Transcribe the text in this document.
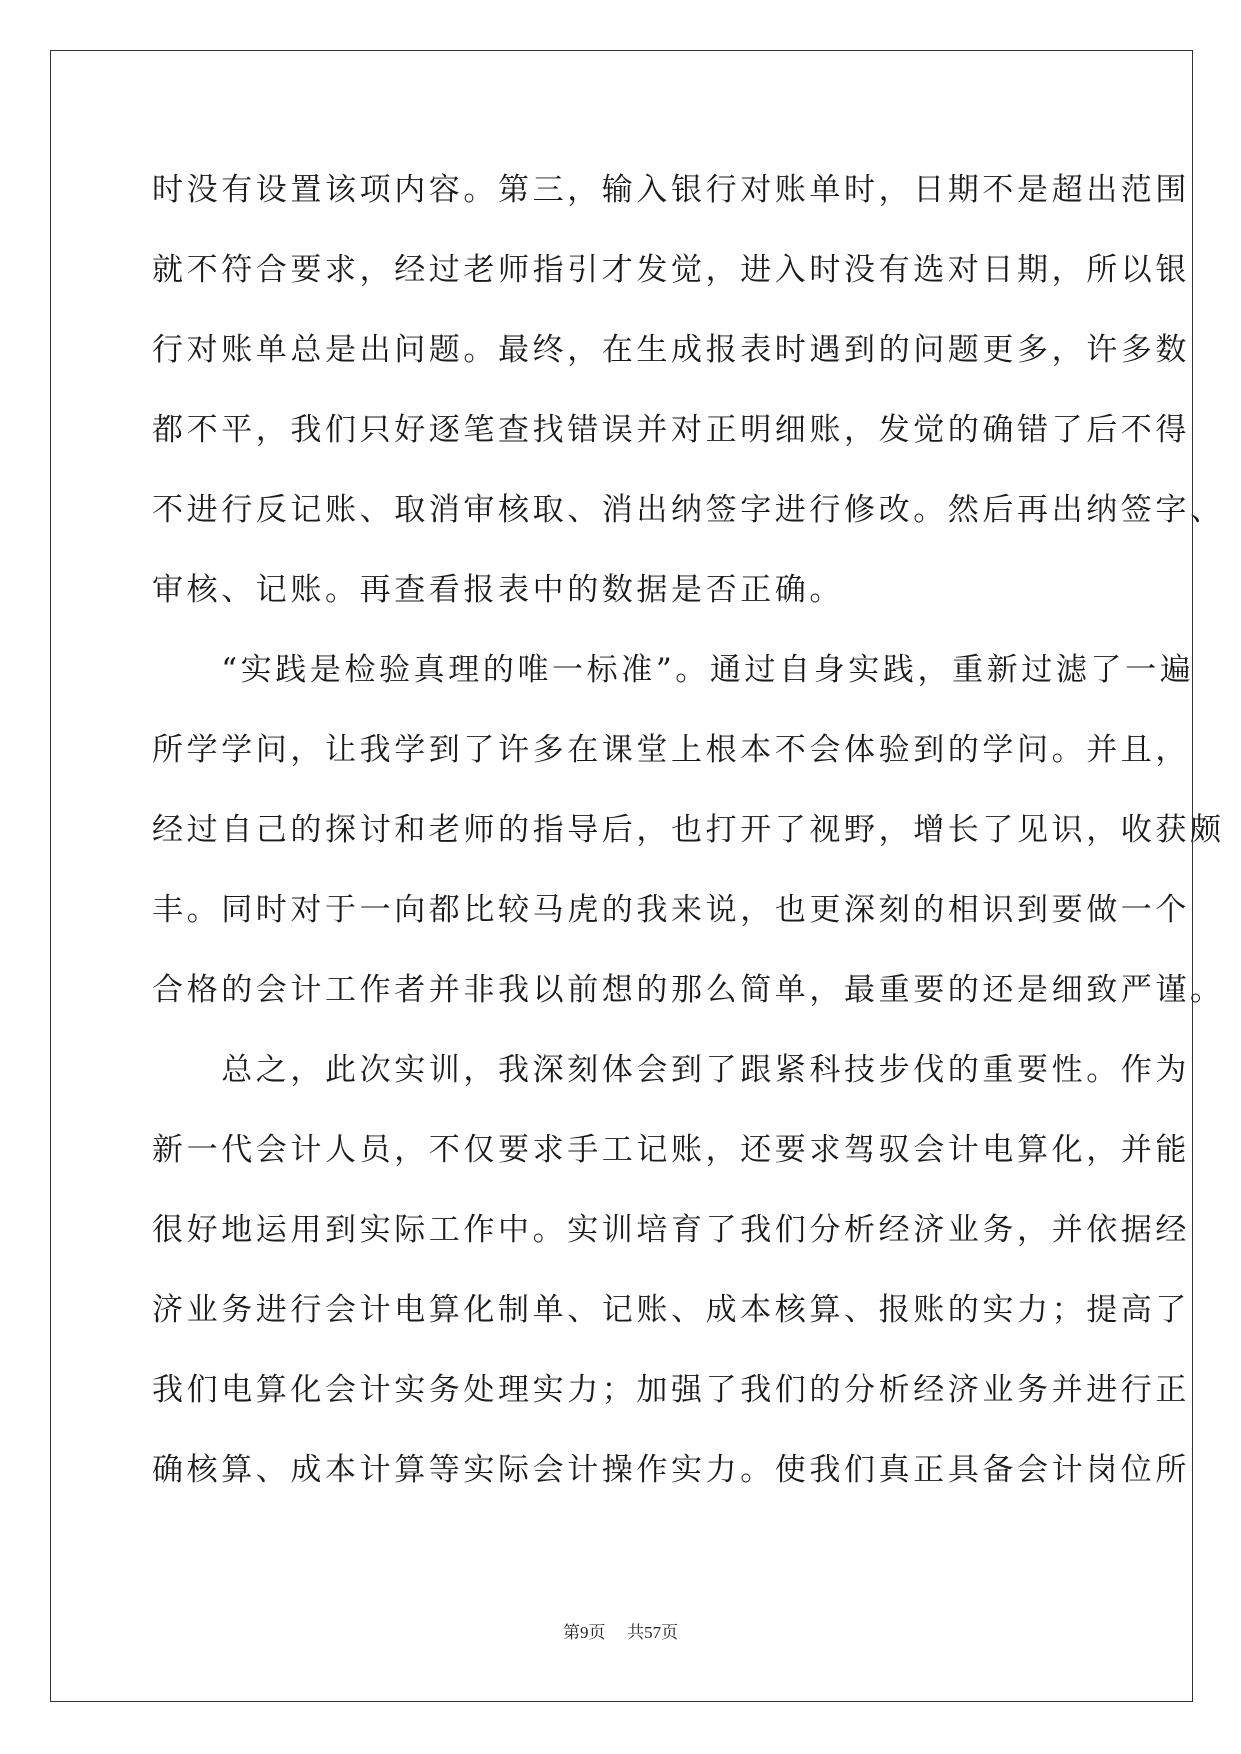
时没有设置该项内容。第三，输入银行对账单时，日期不是超出范围
就不符合要求，经过老师指引才发觉，进入时没有选对日期，所以银
行对账单总是出问题。最终，在生成报表时遇到的问题更多，许多数
都不平，我们只好逐笔查找错误并对正明细账，发觉的确错了后不得
不进行反记账、取消审核取、消出纳签字进行修改。然后再出纳签字、
审核、记账。再查看报表中的数据是否正确。
　　“实践是检验真理的唯一标准”。通过自身实践，重新过滤了一遍
所学学问，让我学到了许多在课堂上根本不会体验到的学问。并且，
经过自己的探讨和老师的指导后，也打开了视野，增长了见识，收获颇
丰。同时对于一向都比较马虎的我来说，也更深刻的相识到要做一个
合格的会计工作者并非我以前想的那么简单，最重要的还是细致严谨。
　　总之，此次实训，我深刻体会到了跟紧科技步伐的重要性。作为
新一代会计人员，不仅要求手工记账，还要求驾驭会计电算化，并能
很好地运用到实际工作中。实训培育了我们分析经济业务，并依据经
济业务进行会计电算化制单、记账、成本核算、报账的实力；提高了
我们电算化会计实务处理实力；加强了我们的分析经济业务并进行正
确核算、成本计算等实际会计操作实力。使我们真正具备会计岗位所
第9页 共57页
